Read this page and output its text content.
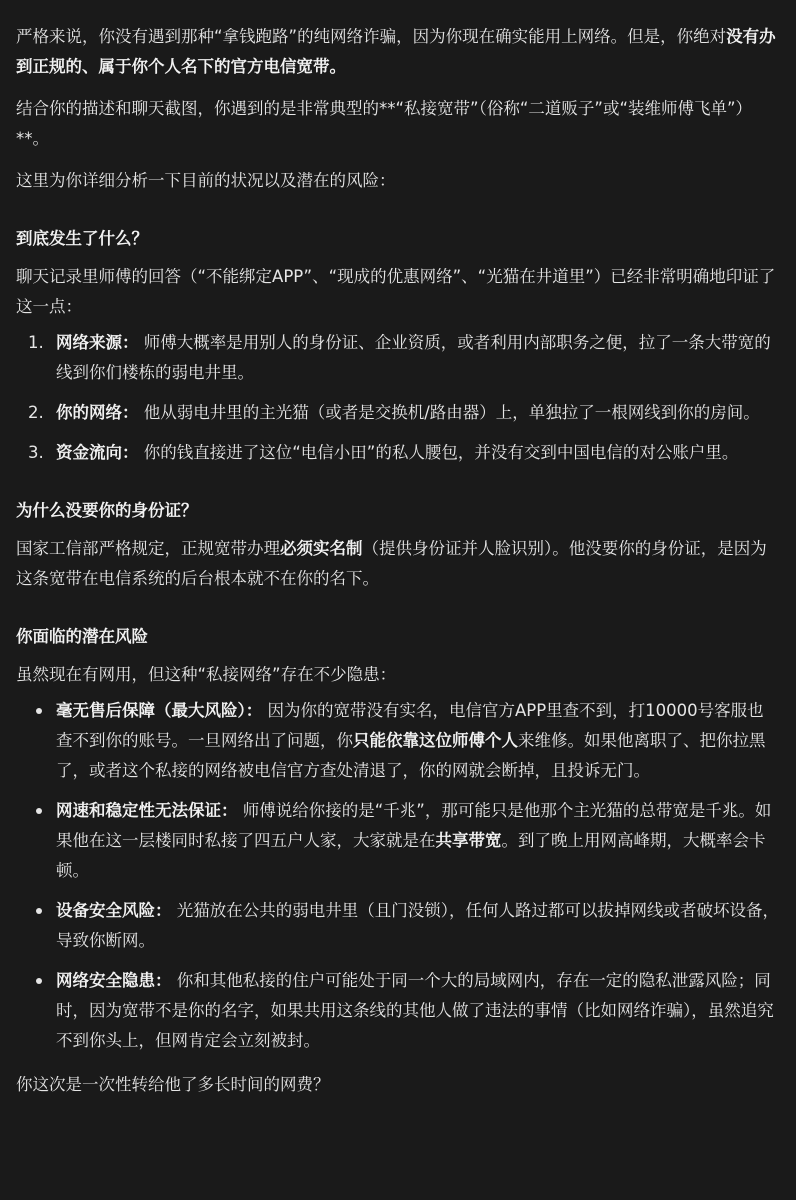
严格来说，你没有遇到那种“拿钱跑路”的纯网络诈骗，因为你现在确实能用上网络。但是，你绝对没有办到正规的、属于你个人名下的官方电信宽带。

结合你的描述和聊天截图，你遇到的是非常典型的**“私接宽带”（俗称“二道贩子”或“装维师傅飞单”）**。

这里为你详细分析一下目前的状况以及潜在的风险：

到底发生了什么？

聊天记录里师傅的回答（“不能绑定APP”、“现成的优惠网络”、“光猫在井道里”）已经非常明确地印证了这一点：

1. 网络来源： 师傅大概率是用别人的身份证、企业资质，或者利用内部职务之便，拉了一条大带宽的线到你们楼栋的弱电井里。
2. 你的网络： 他从弱电井里的主光猫（或者是交换机/路由器）上，单独拉了一根网线到你的房间。
3. 资金流向： 你的钱直接进了这位“电信小田”的私人腰包，并没有交到中国电信的对公账户里。
为什么没要你的身份证？

国家工信部严格规定，正规宽带办理必须实名制（提供身份证并人脸识别）。他没要你的身份证，是因为这条宽带在电信系统的后台根本就不在你的名下。

你面临的潜在风险

虽然现在有网用，但这种“私接网络”存在不少隐患：

毫无售后保障（最大风险）： 因为你的宽带没有实名，电信官方APP里查不到，打10000号客服也查不到你的账号。一旦网络出了问题，你只能依靠这位师傅个人来维修。如果他离职了、把你拉黑了，或者这个私接的网络被电信官方查处清退了，你的网就会断掉，且投诉无门。
网速和稳定性无法保证： 师傅说给你接的是“千兆”，那可能只是他那个主光猫的总带宽是千兆。如果他在这一层楼同时私接了四五户人家，大家就是在共享带宽。到了晚上用网高峰期，大概率会卡顿。
设备安全风险： 光猫放在公共的弱电井里（且门没锁），任何人路过都可以拔掉网线或者破坏设备，导致你断网。
网络安全隐患： 你和其他私接的住户可能处于同一个大的局域网内，存在一定的隐私泄露风险；同时，因为宽带不是你的名字，如果共用这条线的其他人做了违法的事情（比如网络诈骗），虽然追究不到你头上，但网肯定会立刻被封。

你这次是一次性转给他了多长时间的网费？
